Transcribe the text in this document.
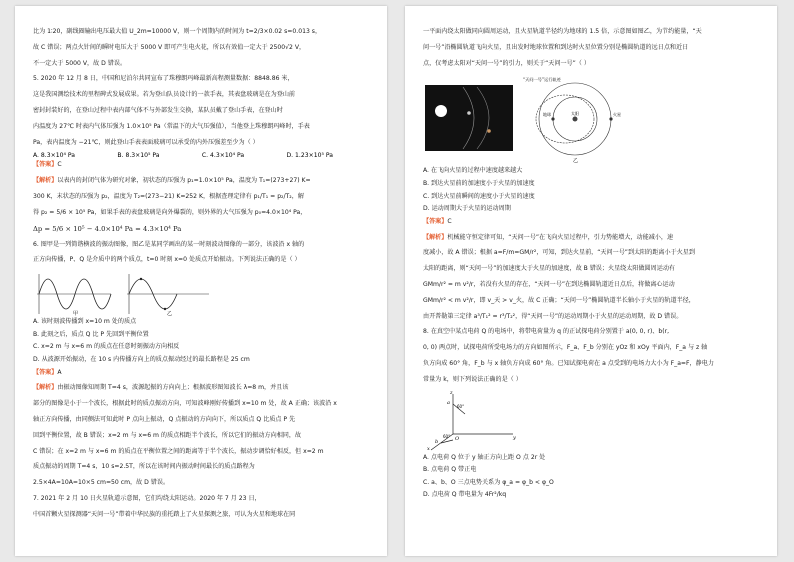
比为 1∶20，副线圈输出电压最大值 U_2m=10000 V，则一个周期内的时间为 t=2/3×0.02 s=0.013 s，

故 C 错误；两点火针间的瞬时电压大于 5000 V 即可产生电火花，所以有效值一定大于 2500√2 V，

不一定大于 5000 V，故 D 错误。

5. 2020 年 12 月 8 日，中国和尼泊尔共同宣布了珠穆朗玛峰最新高程测量数据：8848.86 米，

这是我国测绘技术的里程碑式发展成果。若为登山队员设计的一款手表，其表盘玻璃是在为登山前

密封封装好的，在登山过程中表内部气体不与外部发生交换，某队员戴了登山手表，在登山时

内温度为 27℃ 时表内气体压强为 1.0×10⁵ Pa（常温下的大气压强值），当他登上珠穆朗玛峰时，手表

Pa，表内温度为 −21℃，则此登山手表表面玻璃可以承受的内外压强差至少为（ ）

A. 8.3×10⁴ Pa	B. 8.3×10⁵ Pa	C. 4.3×10⁴ Pa	D. 1.23×10⁵ Pa

【答案】C

【解析】以表内的封闭气体为研究对象，初状态的压强为 p₁=1.0×10⁵ Pa，温度为 T₁=(273+27) K=

300 K，末状态的压强为 p₂，温度为 T₂=(273−21) K=252 K，根据查理定律有 p₁/T₁ = p₂/T₂，解

得 p₂ = 5/6 × 10⁵ Pa，如果手表的表盘玻璃是向外爆裂的，则外界的大气压强为 p₀=4.0×10⁴ Pa，

Δp = 5/6 × 10⁵ − 4.0×10⁴ Pa = 4.3×10⁴ Pa

6. 图甲是一列简谐横波的振动图像，图乙是某同学画出的某一时刻波动图像的一部分，该波沿 x 轴的

正方向传播，P、Q 是介质中的两个质点，t=0 时刻 x=0 处质点开始振动。下列说法正确的是（ ）

甲	乙

A. 该时刻波传播到 x=10 m 处的质点

B. 此刻之后，质点 Q 比 P 先回到平衡位置

C. x=2 m 与 x=6 m 的质点在任意时刻振动方向相反

D. 从波源开始振动，在 10 s 内传播方向上的质点振动经过的最长路程是 25 cm

【答案】A

【解析】由振动图像知周期 T=4 s，波源起振的方向向上；根据波形图知波长 λ=8 m，并且该

部分的图像是小于一个波长，根据此时的质点振动方向，可知波峰刚好传播到 x=10 m 处，故 A 正确；该波沿 x

轴正方向传播，由同侧法可知此时 P 点向上振动，Q 点振动的方向向下，所以质点 Q 比质点 P 先

回到平衡位置，故 B 错误；x=2 m 与 x=6 m 的质点相距半个波长，所以它们的振动方向相同，故

C 错误；在 x=2 m 与 x=6 m 的质点在平衡位置之间的距离等于半个波长，振动步调恰好相反，但 x=2 m

质点振动的周期 T=4 s，10 s=2.5T，所以在该时间内振动时间最长的质点路程为

2.5×4A=10A=10×5 cm=50 cm，故 D 错误。

7. 2021 年 2 月 10 日火星轨道示意图，它们均绕太阳运动。2020 年 7 月 23 日，

中国首颗火星探测器“天问一号”带着中华民族的重托踏上了火星探测之旅，可认为火星和地球在同

一平面内绕太阳做同向圆周运动，且火星轨道半径约为地球的 1.5 倍，示意图如图乙，为节约能量，“天

问一号”沿椭圆轨道飞向火星，且出发时地球位置和到达时火星位置分别是椭圆轨道的远日点和近日

点，仅考虑太阳对“天问一号”的引力，则关于“天问一号”（ ）

“天问一号”运行轨迹
太阳
地球	火星
乙

A. 在飞向火星的过程中速度越来越大

B. 到达火星前的加速度小于火星的加速度

C. 到达火星前瞬间的速度小于火星的速度

D. 运动周期大于火星的运动周期

【答案】C

【解析】机械能守恒定律可知，“天问一号”在飞向火星过程中，引力势能增大，动能减小，速

度减小，故 A 错误；根据 a=F/m=GM/r²，可知，到达火星前，“天问一号”到太阳的距离小于火星到

太阳的距离，则“天问一号”的加速度大于火星的加速度，故 B 错误；火星绕太阳做圆周运动有

GMm/r² = m v²/r，若没有火星的存在，“天问一号”在到达椭圆轨道近日点后，将做离心运动

GMm/r² < m v²/r，即 v_天 > v_火，故 C 正确；“天问一号”椭圆轨道半长轴小于火星的轨道半径，

由开普勒第三定律 a³/T₁² = r³/T₂²，得“天问一号”的运动周期小于火星的运动周期，故 D 错误。

8. 在真空中某点电荷 Q 的电场中，将带电荷量为 q 的正试探电荷分别置于 a(0, 0, r)、b(r,

0, 0) 两点时，试探电荷所受电场力的方向如图所示，F_a、F_b 分别在 yOz 和 xOy 平面内，F_a 与 z 轴

负方向成 60° 角，F_b 与 x 轴负方向成 60° 角。已知试探电荷在 a 点受到的电场力大小为 F_a=F，静电力

常量为 k，则下列说法正确的是（ ）

z
y
x
O
a
b
60°
60°

A. 点电荷 Q 位于 y 轴正方向上距 O 点 2r 处

B. 点电荷 Q 带正电

C. a、b、O 三点电势关系为 φ_a = φ_b < φ_O

D. 点电荷 Q 带电量为 4Fr²/kq
